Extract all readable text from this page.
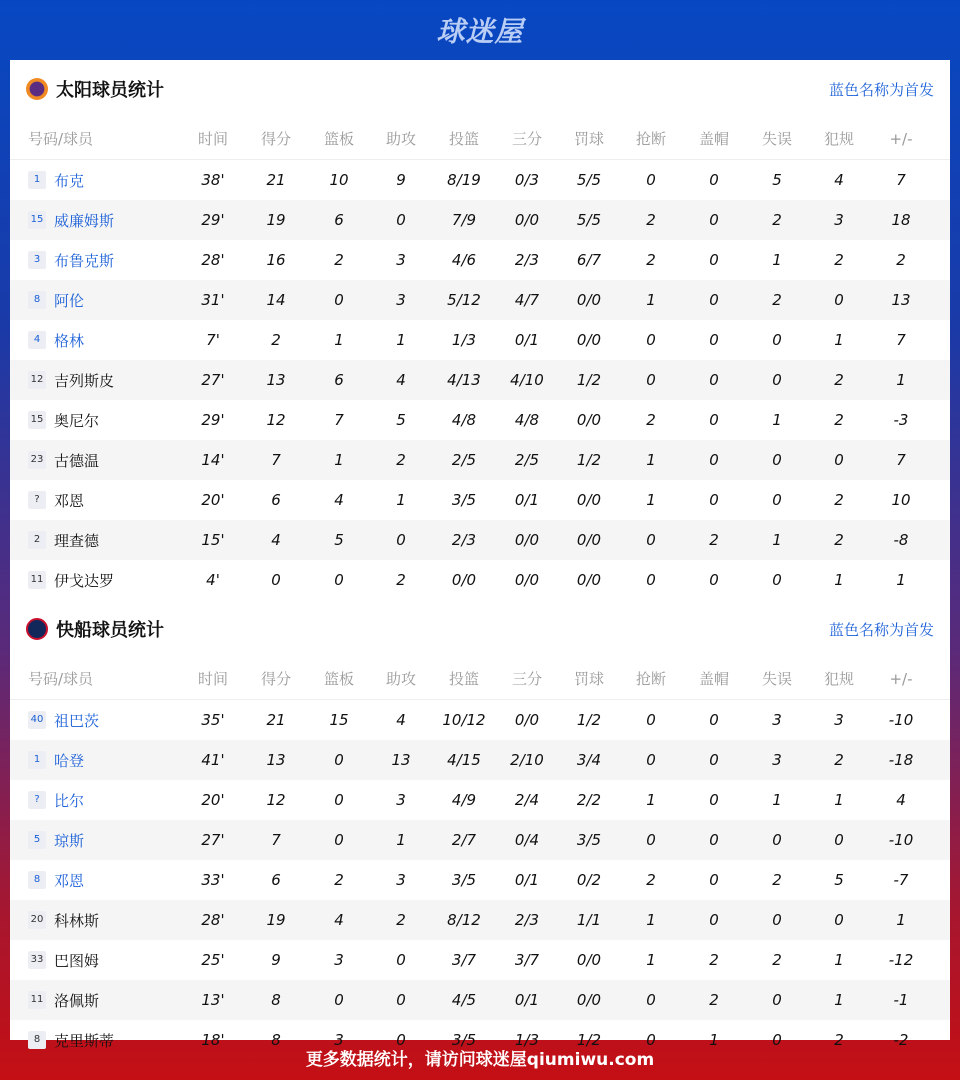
球迷屋
太阳球员统计	蓝色名称为首发
号码/球员	时间	得分	篮板	助攻	投篮	三分	罚球	抢断	盖帽	失误	犯规	+/-
1 布克	38'	21	10	9	8/19	0/3	5/5	0	0	5	4	7
15 威廉姆斯	29'	19	6	0	7/9	0/0	5/5	2	0	2	3	18
3 布鲁克斯	28'	16	2	3	4/6	2/3	6/7	2	0	1	2	2
8 阿伦	31'	14	0	3	5/12	4/7	0/0	1	0	2	0	13
4 格林	7'	2	1	1	1/3	0/1	0/0	0	0	0	1	7
12 吉列斯皮	27'	13	6	4	4/13	4/10	1/2	0	0	0	2	1
15 奥尼尔	29'	12	7	5	4/8	4/8	0/0	2	0	1	2	-3
23 古德温	14'	7	1	2	2/5	2/5	1/2	1	0	0	0	7
? 邓恩	20'	6	4	1	3/5	0/1	0/0	1	0	0	2	10
2 理查德	15'	4	5	0	2/3	0/0	0/0	0	2	1	2	-8
11 伊戈达罗	4'	0	0	2	0/0	0/0	0/0	0	0	0	1	1
快船球员统计	蓝色名称为首发
号码/球员	时间	得分	篮板	助攻	投篮	三分	罚球	抢断	盖帽	失误	犯规	+/-
40 祖巴茨	35'	21	15	4	10/12	0/0	1/2	0	0	3	3	-10
1 哈登	41'	13	0	13	4/15	2/10	3/4	0	0	3	2	-18
? 比尔	20'	12	0	3	4/9	2/4	2/2	1	0	1	1	4
5 琼斯	27'	7	0	1	2/7	0/4	3/5	0	0	0	0	-10
8 邓恩	33'	6	2	3	3/5	0/1	0/2	2	0	2	5	-7
20 科林斯	28'	19	4	2	8/12	2/3	1/1	1	0	0	0	1
33 巴图姆	25'	9	3	0	3/7	3/7	0/0	1	2	2	1	-12
11 洛佩斯	13'	8	0	0	4/5	0/1	0/0	0	2	0	1	-1
8 克里斯蒂	18'	8	3	0	3/5	1/3	1/2	0	1	0	2	-2
更多数据统计，请访问球迷屋qiumiwu.com
